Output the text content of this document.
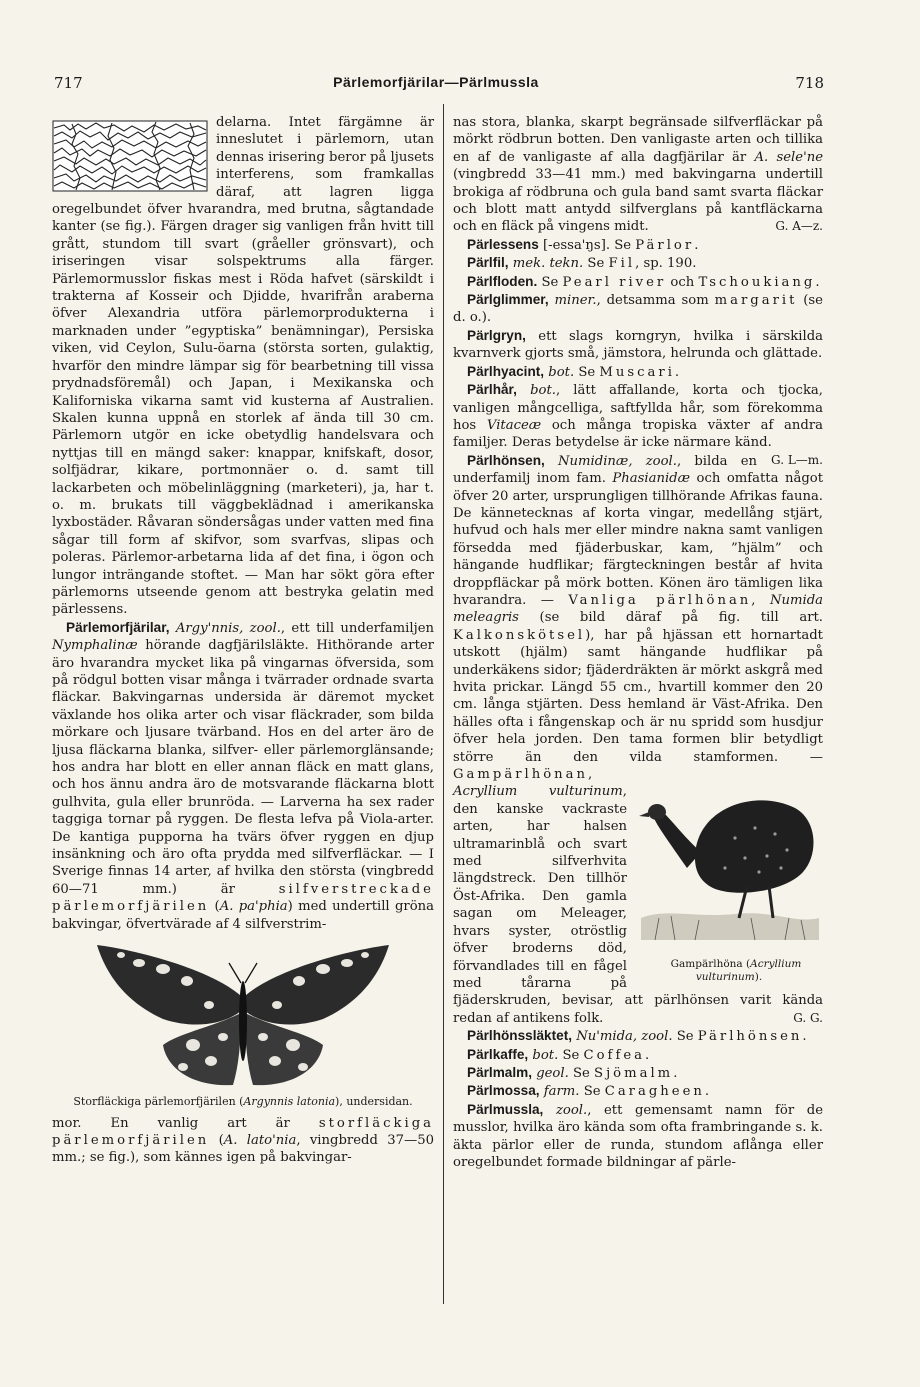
717	Pärlemorfjärilar—Pärlmussla	718

delarna. Intet färgämne är inneslutet i pärlemorn, utan dennas irisering beror på ljusets interferens, som framkallas däraf, att lagren ligga oregelbundet öfver hvarandra, med brutna, sågtandade kanter (se fig.). Färgen drager sig vanligen från hvitt till grått, stundom till svart (gråeller grönsvart), och iriseringen visar solspektrums alla färger. Pärlemormusslor fiskas mest i Röda hafvet (särskildt i trakterna af Kosseir och Djidde, hvarifrån araberna öfver Alexandria utföra pärlemorprodukterna i marknaden under ”egyptiska” benämningar), Persiska viken, vid Ceylon, Sulu-öarna (största sorten, gulaktig, hvarför den mindre lämpar sig för bearbetning till vissa prydnadsföremål) och Japan, i Mexikanska och Kaliforniska vikarna samt vid kusterna af Australien. Skalen kunna uppnå en storlek af ända till 30 cm. Pärlemorn utgör en icke obetydlig handelsvara och nyttjas till en mängd saker: knappar, knifskaft, dosor, solfjädrar, kikare, portmonnäer o. d. samt till lackarbeten och möbelinläggning (marketeri), ja, har t. o. m. brukats till väggbeklädnad i amerikanska lyxbostäder. Råvaran söndersågas under vatten med fina sågar till form af skifvor, som svarfvas, slipas och poleras. Pärlemor-arbetarna lida af det fina, i ögon och lungor inträngande stoftet. — Man har sökt göra efter pärlemorns utseende genom att bestryka gelatin med pärlessens.

Pärlemorfjärilar, Argy'nnis, zool., ett till underfamiljen Nymphalinæ hörande dagfjärilsläkte. Hithörande arter äro hvarandra mycket lika på vingarnas öfversida, som på rödgul botten visar många i tvärrader ordnade svarta fläckar. Bakvingarnas undersida är däremot mycket växlande hos olika arter och visar fläckrader, som bilda mörkare och ljusare tvärband. Hos en del arter äro de ljusa fläckarna blanka, silfver- eller pärlemorglänsande; hos andra har blott en eller annan fläck en matt glans, och hos ännu andra äro de motsvarande fläckarna blott gulhvita, gula eller brunröda. — Larverna ha sex rader taggiga tornar på ryggen. De flesta lefva på Viola-arter. De kantiga pupporna ha tvärs öfver ryggen en djup insänkning och äro ofta prydda med silfverfläckar. — I Sverige finnas 14 arter, af hvilka den största (vingbredd 60—71 mm.) är silfverstreckade pärlemorfjärilen (A. pa'phia) med undertill gröna bakvingar, öfvertvärade af 4 silfverstrim-

Storfläckiga pärlemorfjärilen (Argynnis latonia), undersidan.

mor. En vanlig art är storfläckiga pärlemorfjärilen (A. lato'nia, vingbredd 37—50 mm.; se fig.), som kännes igen på bakvingar-

nas stora, blanka, skarpt begränsade silfverfläckar på mörkt rödbrun botten. Den vanligaste arten och tillika en af de vanligaste af alla dagfjärilar är A. sele'ne (vingbredd 33—41 mm.) med bakvingarna undertill brokiga af rödbruna och gula band samt svarta fläckar och blott matt antydd silfverglans på kantfläckarna och en fläck på vingens midt.	G. A—z.

Pärlessens [-essa'ŋs]. Se Pärlor.

Pärlfil, mek. tekn. Se Fil, sp. 190.

Pärlfloden. Se Pearl river och Tschoukiang.

Pärlglimmer, miner., detsamma som margarit (se d. o.).

Pärlgryn, ett slags korngryn, hvilka i särskilda kvarnverk gjorts små, jämstora, helrunda och glättade.

Pärlhyacint, bot. Se Muscari.

Pärlhår, bot., lätt affallande, korta och tjocka, vanligen mångcelliga, saftfyllda hår, som förekomma hos Vitaceæ och många tropiska växter af andra familjer. Deras betydelse är icke närmare känd.
G. L—m.

Pärlhönsen, Numidinæ, zool., bilda en underfamilj inom fam. Phasianidæ och omfatta något öfver 20 arter, ursprungligen tillhörande Afrikas fauna. De kännetecknas af korta vingar, medellång stjärt, hufvud och hals mer eller mindre nakna samt vanligen försedda med fjäderbuskar, kam, ”hjälm” och hängande hudflikar; färgteckningen består af hvita droppfläckar på mörk botten. Könen äro tämligen lika hvarandra. — Vanliga pärlhönan, Numida meleagris (se bild däraf på fig. till art. Kalkonskötsel), har på hjässan ett hornartadt utskott (hjälm) samt hängande hudflikar på underkäkens sidor; fjäderdräkten är mörkt askgrå med hvita prickar. Längd 55 cm., hvartill kommer den 20 cm. långa stjärten. Dess hemland är Väst-Afrika. Den hälles ofta i fångenskap och är nu spridd som husdjur öfver hela jorden. Den tama formen blir betydligt större än den vilda stamformen. —
Gampärlhöna (Acryllium vulturinum).
Gampärlhönan, Acryllium vulturinum, den kanske vackraste arten, har halsen ultramarinblå och svart med silfverhvita längdstreck. Den tillhör Öst-Afrika. Den gamla sagan om Meleager, hvars syster, otröstlig öfver broderns död, förvandlades till en fågel med tårarna på fjäderskruden, bevisar, att pärlhönsen varit kända redan af antikens folk.	G. G.

Pärlhönssläktet, Nu'mida, zool. Se Pärlhönsen.

Pärlkaffe, bot. Se Coffea.

Pärlmalm, geol. Se Sjömalm.

Pärlmossa, farm. Se Caragheen.

Pärlmussla, zool., ett gemensamt namn för de musslor, hvilka äro kända som ofta frambringande s. k. äkta pärlor eller de runda, stundom aflånga eller oregelbundet formade bildningar af pärle-
